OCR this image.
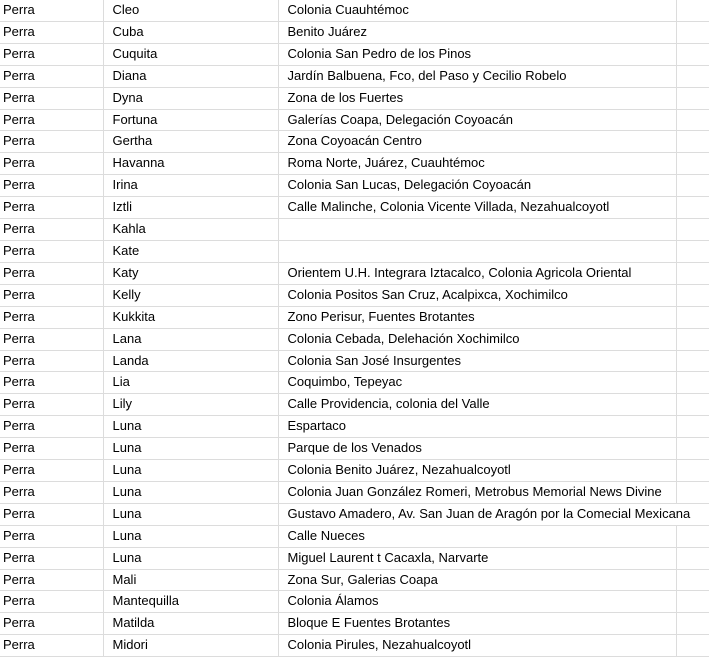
Perra	Cleo	Colonia Cuauhtémoc	
Perra	Cuba	Benito Juárez	
Perra	Cuquita	Colonia San Pedro de los Pinos	
Perra	Diana	Jardín Balbuena, Fco, del Paso y Cecilio Robelo	
Perra	Dyna	Zona de los Fuertes	
Perra	Fortuna	Galerías Coapa, Delegación Coyoacán	
Perra	Gertha	Zona Coyoacán Centro	
Perra	Havanna	Roma Norte, Juárez, Cuauhtémoc	
Perra	Irina	Colonia San Lucas, Delegación Coyoacán	
Perra	Iztli	Calle Malinche, Colonia Vicente Villada, Nezahualcoyotl	
Perra	Kahla		
Perra	Kate		
Perra	Katy	Orientem U.H. Integrara Iztacalco, Colonia Agricola Oriental	
Perra	Kelly	Colonia Positos San Cruz, Acalpixca, Xochimilco	
Perra	Kukkita	Zono Perisur, Fuentes Brotantes	
Perra	Lana	Colonia Cebada, Delehación Xochimilco	
Perra	Landa	Colonia San José Insurgentes	
Perra	Lia	Coquimbo, Tepeyac	
Perra	Lily	Calle Providencia, colonia del Valle	
Perra	Luna	Espartaco	
Perra	Luna	Parque de los Venados	
Perra	Luna	Colonia Benito Juárez, Nezahualcoyotl	
Perra	Luna	Colonia Juan González Romeri, Metrobus Memorial News Divine	
Perra	Luna	Gustavo Amadero, Av. San Juan de Aragón por la Comecial Mexicana	
Perra	Luna	Calle Nueces	
Perra	Luna	Miguel Laurent t Cacaxla, Narvarte	
Perra	Mali	Zona Sur, Galerias Coapa	
Perra	Mantequilla	Colonia Álamos	
Perra	Matilda	Bloque E Fuentes Brotantes	
Perra	Midori	Colonia Pirules, Nezahualcoyotl	
